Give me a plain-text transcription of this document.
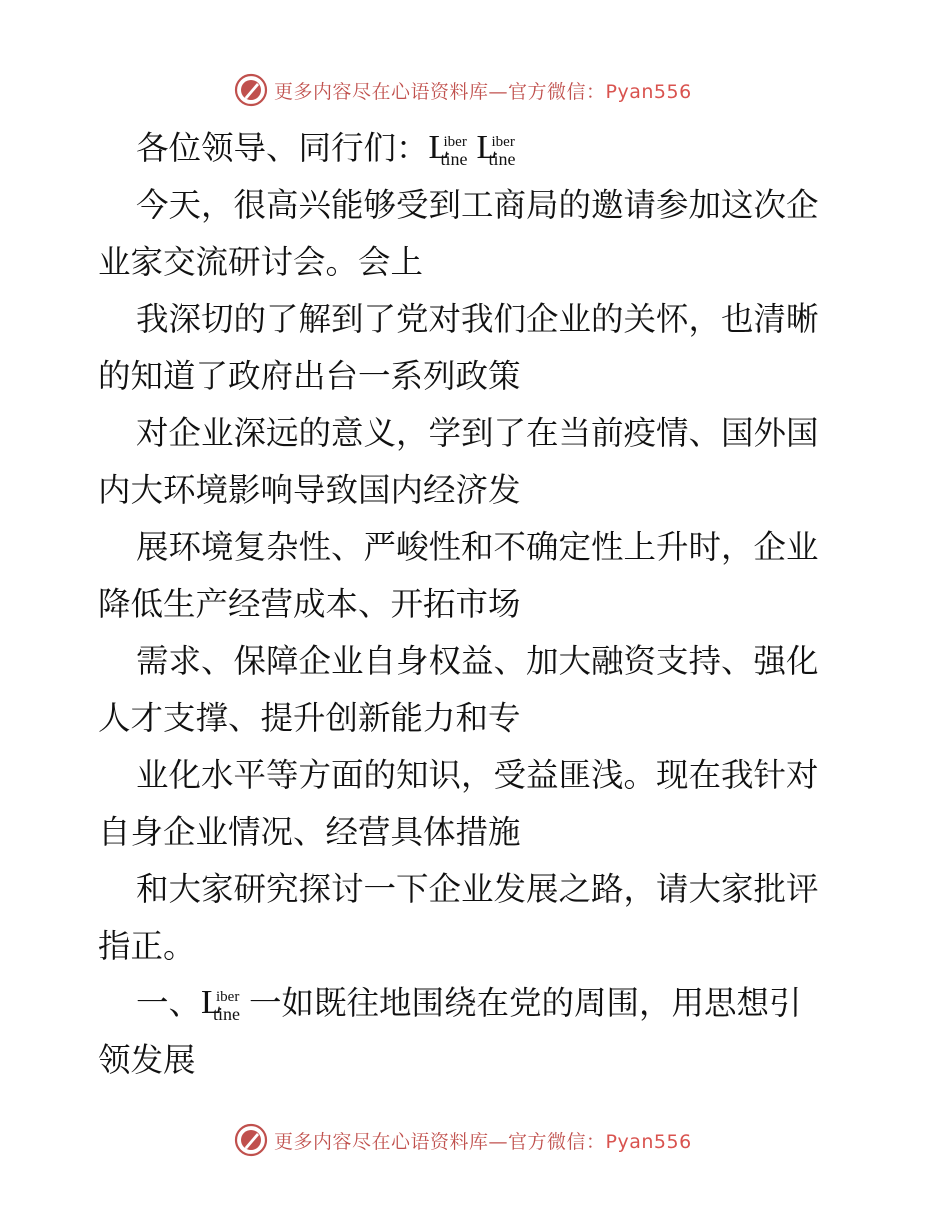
更多内容尽在心语资料库—官方微信：Pyan556
各位领导、同行们： L
iber
tine L
iber
tine
今天，很高兴能够受到工商局的邀请参加这次企
业家交流研讨会。会上
我深切的了解到了党对我们企业的关怀，也清晰
的知道了政府出台一系列政策
对企业深远的意义，学到了在当前疫情、国外国
内大环境影响导致国内经济发
展环境复杂性、严峻性和不确定性上升时，企业
降低生产经营成本、开拓市场
需求、保障企业自身权益、加大融资支持、强化
人才支撑、提升创新能力和专
业化水平等方面的知识，受益匪浅。现在我针对
自身企业情况、经营具体措施
和大家研究探讨一下企业发展之路，请大家批评
指正。
一、 L
iber
tine 一如既往地围绕在党的周围，用思想引
领发展
更多内容尽在心语资料库—官方微信：Pyan556
